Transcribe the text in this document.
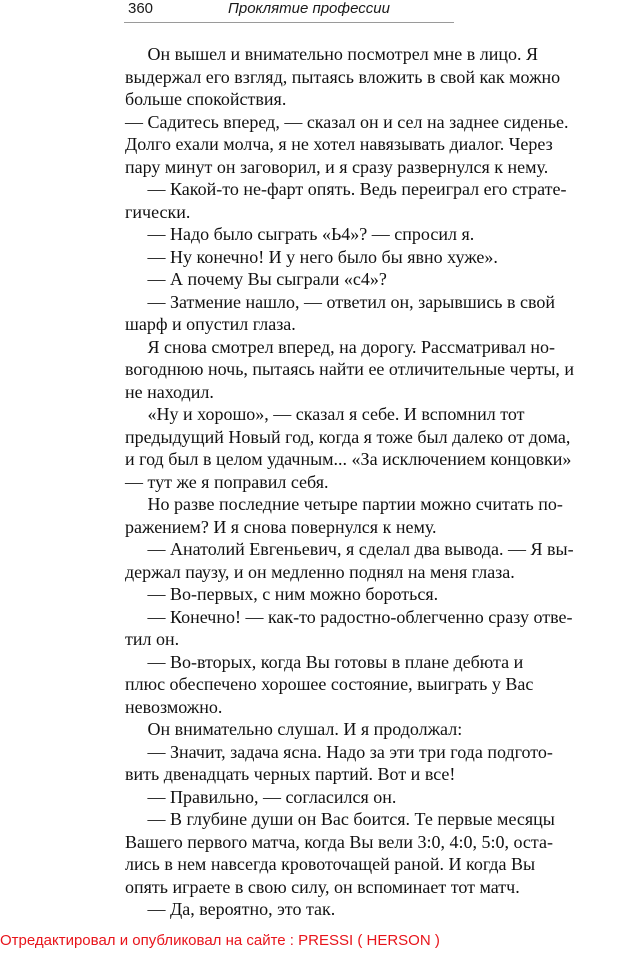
360	Проклятие профессии
Он вышел и внимательно посмотрел мне в лицо. Я
выдержал его взгляд, пытаясь вложить в свой как можно
больше спокойствия.
— Садитесь вперед, — сказал он и сел на заднее сиденье.
Долго ехали молча, я не хотел навязывать диалог. Через
пару минут он заговорил, и я сразу развернулся к нему.
— Какой-то не-фарт опять. Ведь переиграл его страте-
гически.
— Надо было сыграть «Ь4»? — спросил я.
— Ну конечно! И у него было бы явно хуже».
— А почему Вы сыграли «с4»?
— Затмение нашло, — ответил он, зарывшись в свой
шарф и опустил глаза.
Я снова смотрел вперед, на дорогу. Рассматривал но-
вогоднюю ночь, пытаясь найти ее отличительные черты, и
не находил.
«Ну и хорошо», — сказал я себе. И вспомнил тот
предыдущий Новый год, когда я тоже был далеко от дома,
и год был в целом удачным... «За исключением концовки»
— тут же я поправил себя.
Но разве последние четыре партии можно считать по-
ражением? И я снова повернулся к нему.
— Анатолий Евгеньевич, я сделал два вывода. — Я вы-
держал паузу, и он медленно поднял на меня глаза.
— Во-первых, с ним можно бороться.
— Конечно! — как-то радостно-облегченно сразу отве-
тил он.
— Во-вторых, когда Вы готовы в плане дебюта и
плюс обеспечено хорошее состояние, выиграть у Вас
невозможно.
Он внимательно слушал. И я продолжал:
— Значит, задача ясна. Надо за эти три года подгото-
вить двенадцать черных партий. Вот и все!
— Правильно, — согласился он.
— В глубине души он Вас боится. Те первые месяцы
Вашего первого матча, когда Вы вели 3:0, 4:0, 5:0, оста-
лись в нем навсегда кровоточащей раной. И когда Вы
опять играете в свою силу, он вспоминает тот матч.
— Да, вероятно, это так.
Отредактировал и опубликовал на сайте : PRESSI ( HERSON )
